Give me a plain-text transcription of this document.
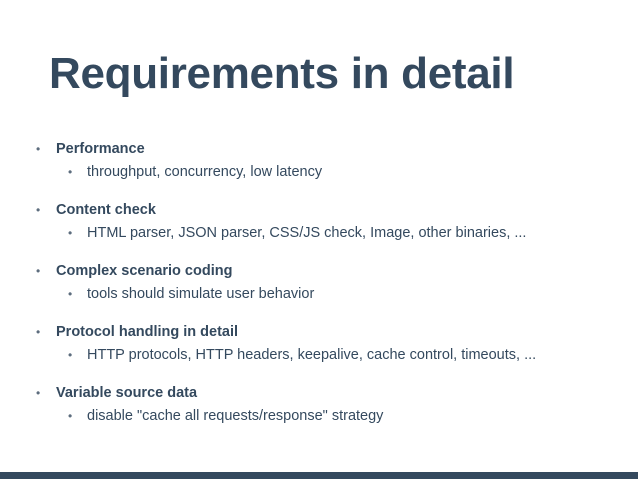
Requirements in detail
• Performance
• throughput, concurrency, low latency
• Content check
• HTML parser, JSON parser, CSS/JS check, Image, other binaries, ...
• Complex scenario coding
• tools should simulate user behavior
• Protocol handling in detail
• HTTP protocols, HTTP headers, keepalive, cache control, timeouts, ...
• Variable source data
• disable "cache all requests/response" strategy
